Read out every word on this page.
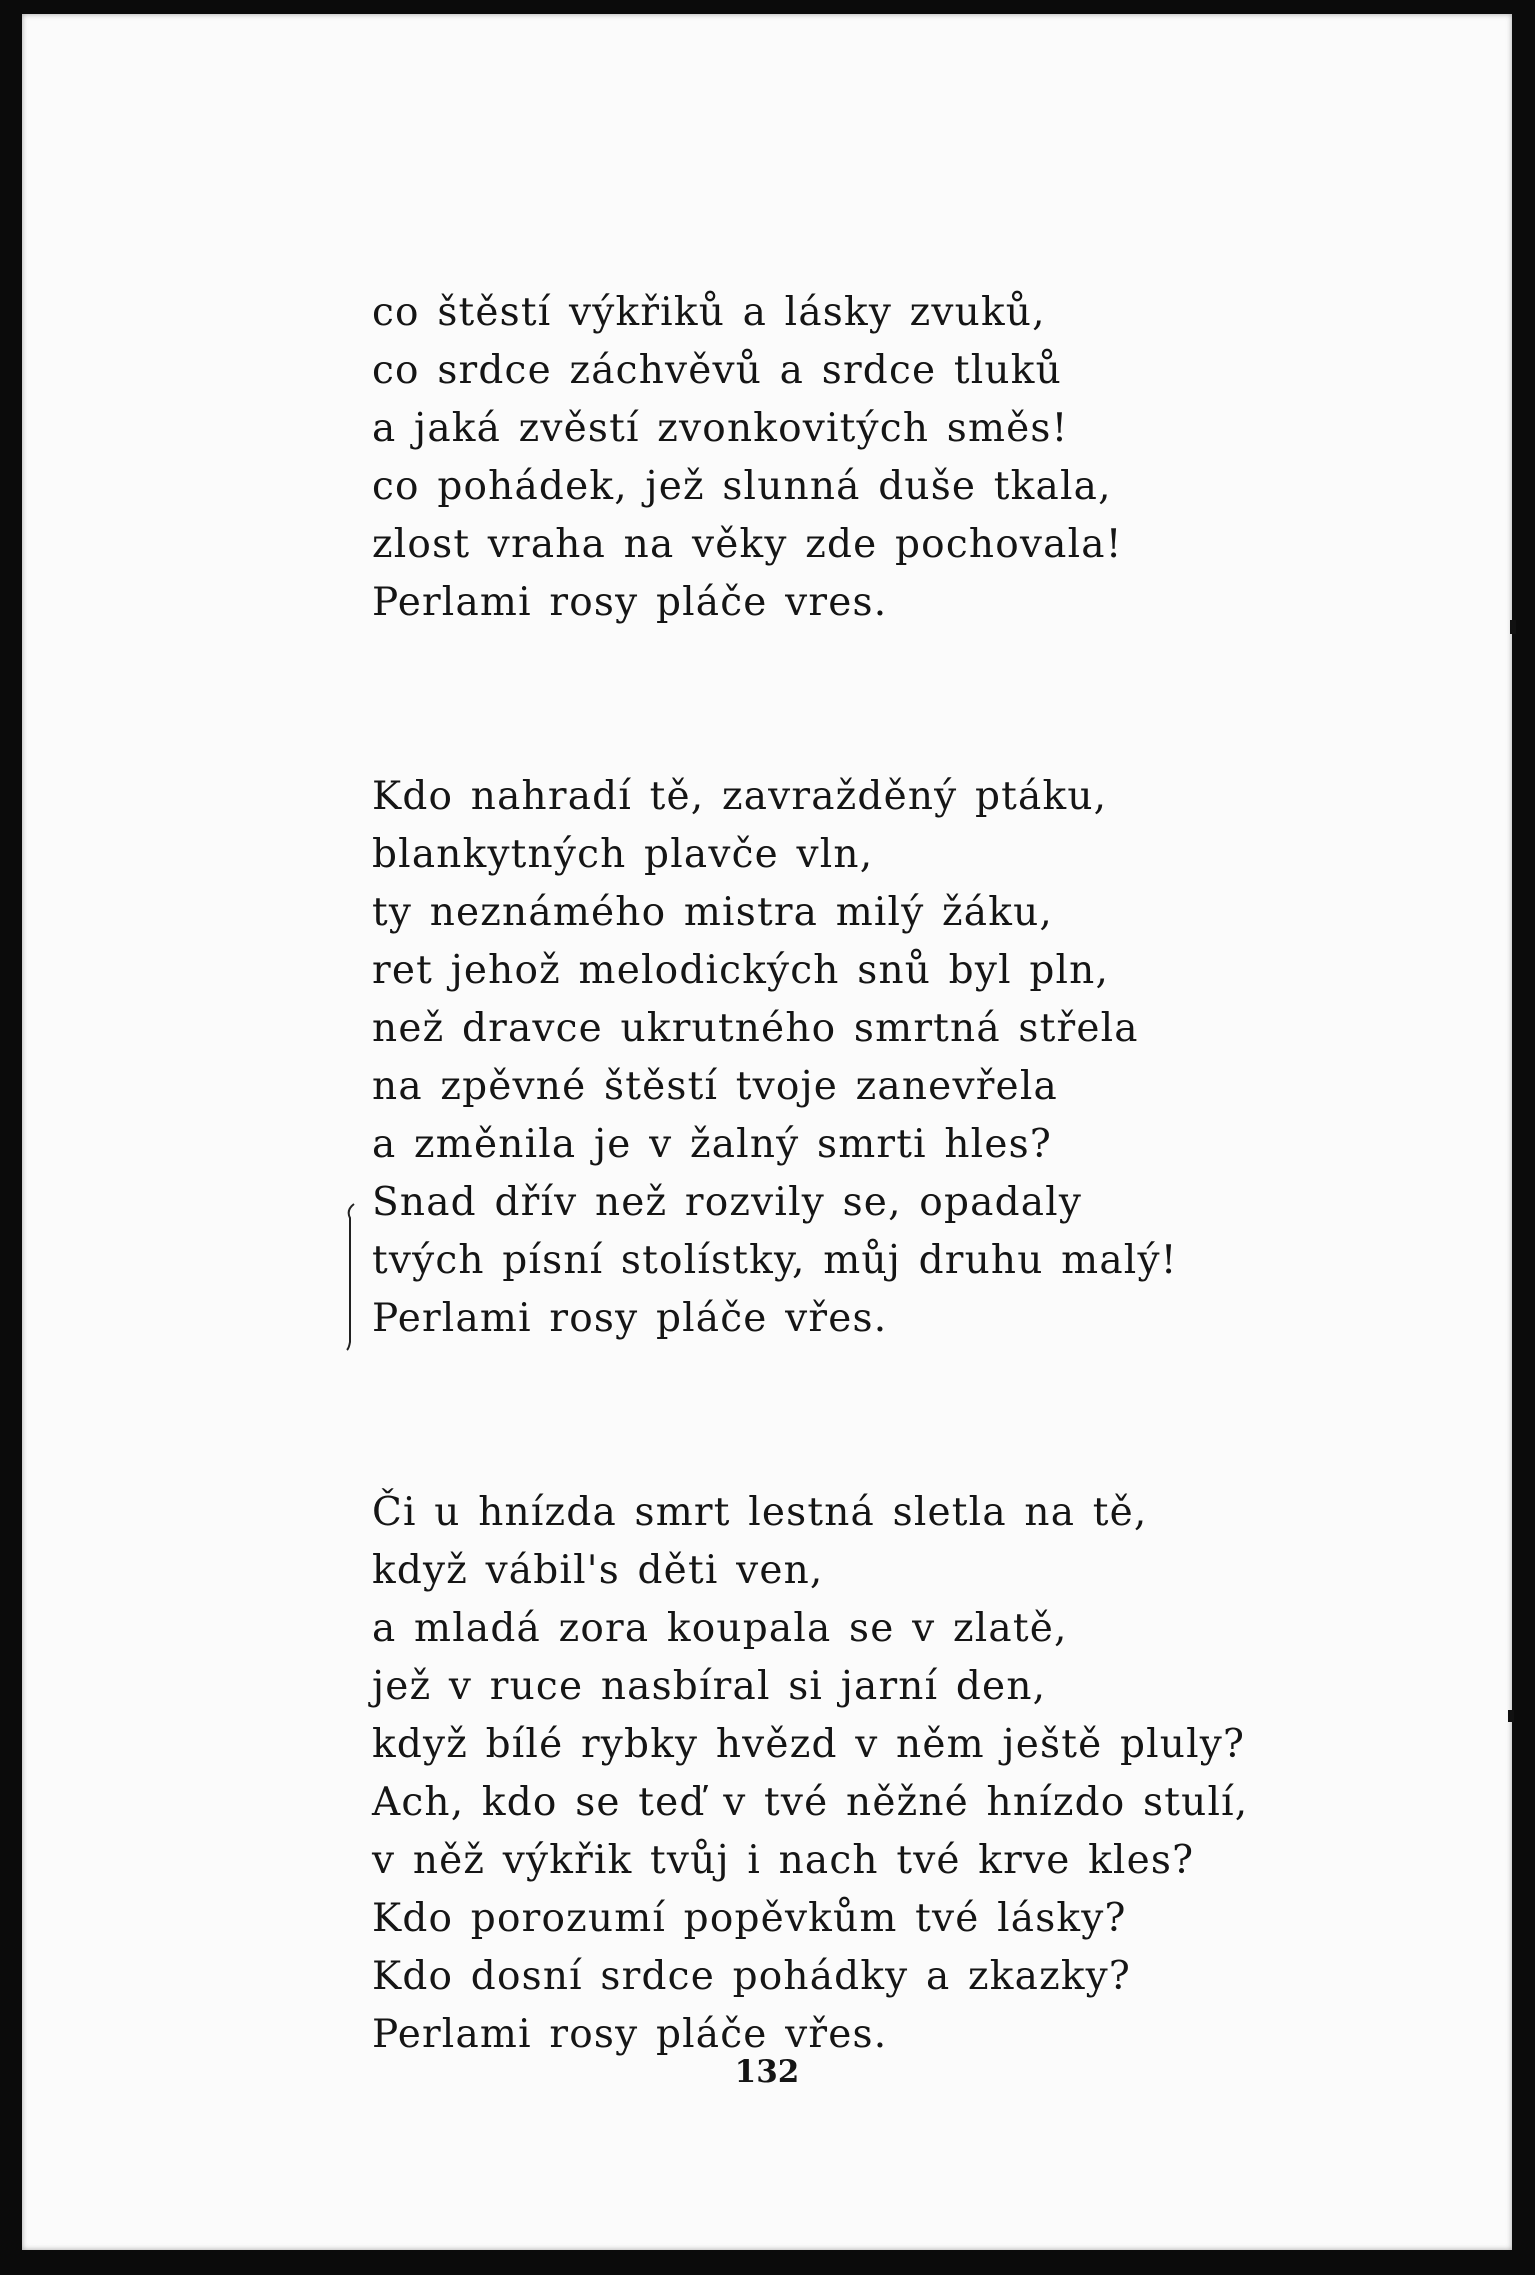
co štěstí výkřiků a lásky zvuků,
co srdce záchvěvů a srdce tluků
a jaká zvěstí zvonkovitých směs!
co pohádek, jež slunná duše tkala,
zlost vraha na věky zde pochovala!
Perlami rosy pláče vres.
Kdo nahradí tě, zavražděný ptáku,
blankytných plavče vln,
ty neznámého mistra milý žáku,
ret jehož melodických snů byl pln,
než dravce ukrutného smrtná střela
na zpěvné štěstí tvoje zanevřela
a změnila je v žalný smrti hles?
Snad dřív než rozvily se, opadaly
tvých písní stolístky, můj druhu malý!
Perlami rosy pláče vřes.
Či u hnízda smrt lestná sletla na tě,
když vábil's děti ven,
a mladá zora koupala se v zlatě,
jež v ruce nasbíral si jarní den,
když bílé rybky hvězd v něm ještě pluly?
Ach, kdo se teď v tvé něžné hnízdo stulí,
v něž výkřik tvůj i nach tvé krve kles?
Kdo porozumí popěvkům tvé lásky?
Kdo dosní srdce pohádky a zkazky?
Perlami rosy pláče vřes.
132
